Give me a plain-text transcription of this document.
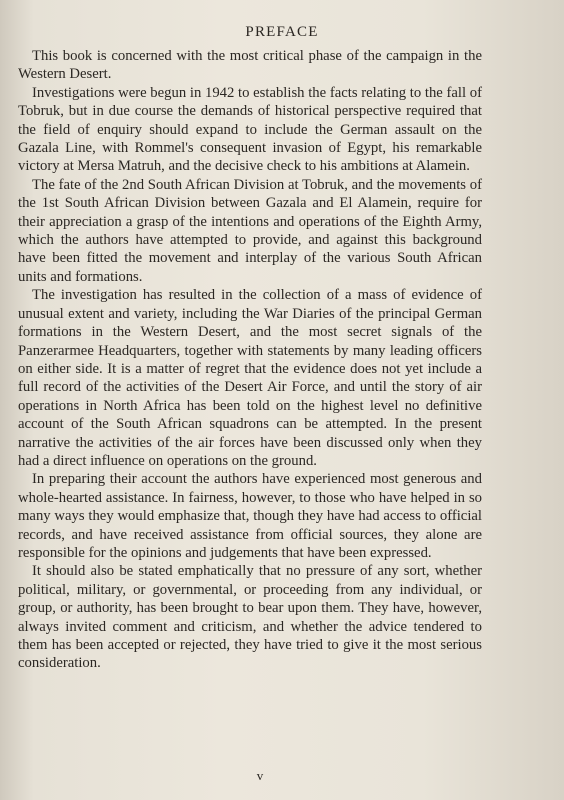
PREFACE

This book is concerned with the most critical phase of the campaign in the Western Desert.

Investigations were begun in 1942 to establish the facts relating to the fall of Tobruk, but in due course the demands of historical perspective required that the field of enquiry should expand to include the German assault on the Gazala Line, with Rommel's consequent invasion of Egypt, his remarkable victory at Mersa Matruh, and the decisive check to his ambitions at Alamein.

The fate of the 2nd South African Division at Tobruk, and the movements of the 1st South African Division between Gazala and El Alamein, require for their appreciation a grasp of the intentions and operations of the Eighth Army, which the authors have attempted to provide, and against this background have been fitted the movement and interplay of the various South African units and formations.

The investigation has resulted in the collection of a mass of evidence of unusual extent and variety, including the War Diaries of the principal German formations in the Western Desert, and the most secret signals of the Panzerarmee Headquarters, together with statements by many leading officers on either side. It is a matter of regret that the evidence does not yet include a full record of the activities of the Desert Air Force, and until the story of air operations in North Africa has been told on the highest level no definitive account of the South African squadrons can be attempted. In the present narrative the activities of the air forces have been discussed only when they had a direct influence on operations on the ground.

In preparing their account the authors have experienced most generous and whole-hearted assistance. In fairness, however, to those who have helped in so many ways they would emphasize that, though they have had access to official records, and have received assistance from official sources, they alone are responsible for the opinions and judgements that have been expressed.

It should also be stated emphatically that no pressure of any sort, whether political, military, or governmental, or proceeding from any individual, or group, or authority, has been brought to bear upon them. They have, however, always invited comment and criticism, and whether the advice tendered to them has been accepted or rejected, they have tried to give it the most serious consideration.

v
